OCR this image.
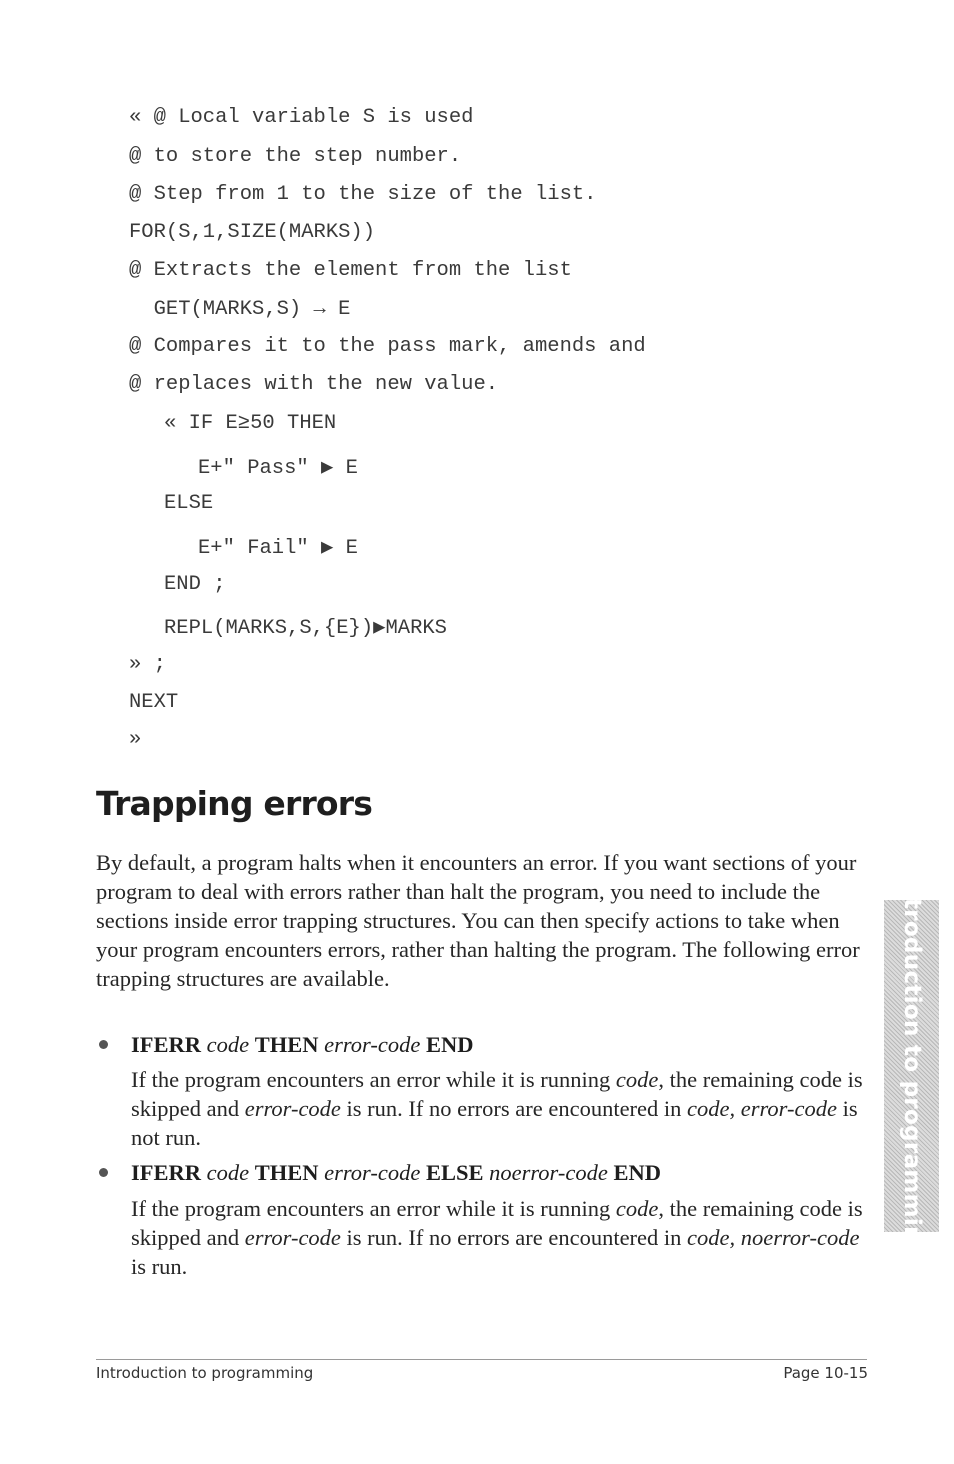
« @ Local variable S is used
@ to store the step number.
@ Step from 1 to the size of the list.
FOR(S,1,SIZE(MARKS))
@ Extracts the element from the list
GET(MARKS,S) → E
@ Compares it to the pass mark, amends and
@ replaces with the new value.
« IF E≥50 THEN
E+" Pass" ▶ E
ELSE
E+" Fail" ▶ E
END ;
REPL(MARKS,S,{E})▶MARKS
» ;
NEXT
»
Trapping errors

By default, a program halts when it encounters an error. If you want sections of your program to deal with errors rather than halt the program, you need to include the sections inside error trapping structures. You can then specify actions to take when your program encounters errors, rather than halting the program. The following error trapping structures are available.

IFERR code THEN error-code END

If the program encounters an error while it is running code, the remaining code is skipped and error-code is run. If no errors are encountered in code, error-code is not run.

IFERR code THEN error-code ELSE noerror-code END

If the program encounters an error while it is running code, the remaining code is skipped and error-code is run. If no errors are encountered in code, noerror-code is run.

Introduction to programming
Introduction to programming	Page 10-15
